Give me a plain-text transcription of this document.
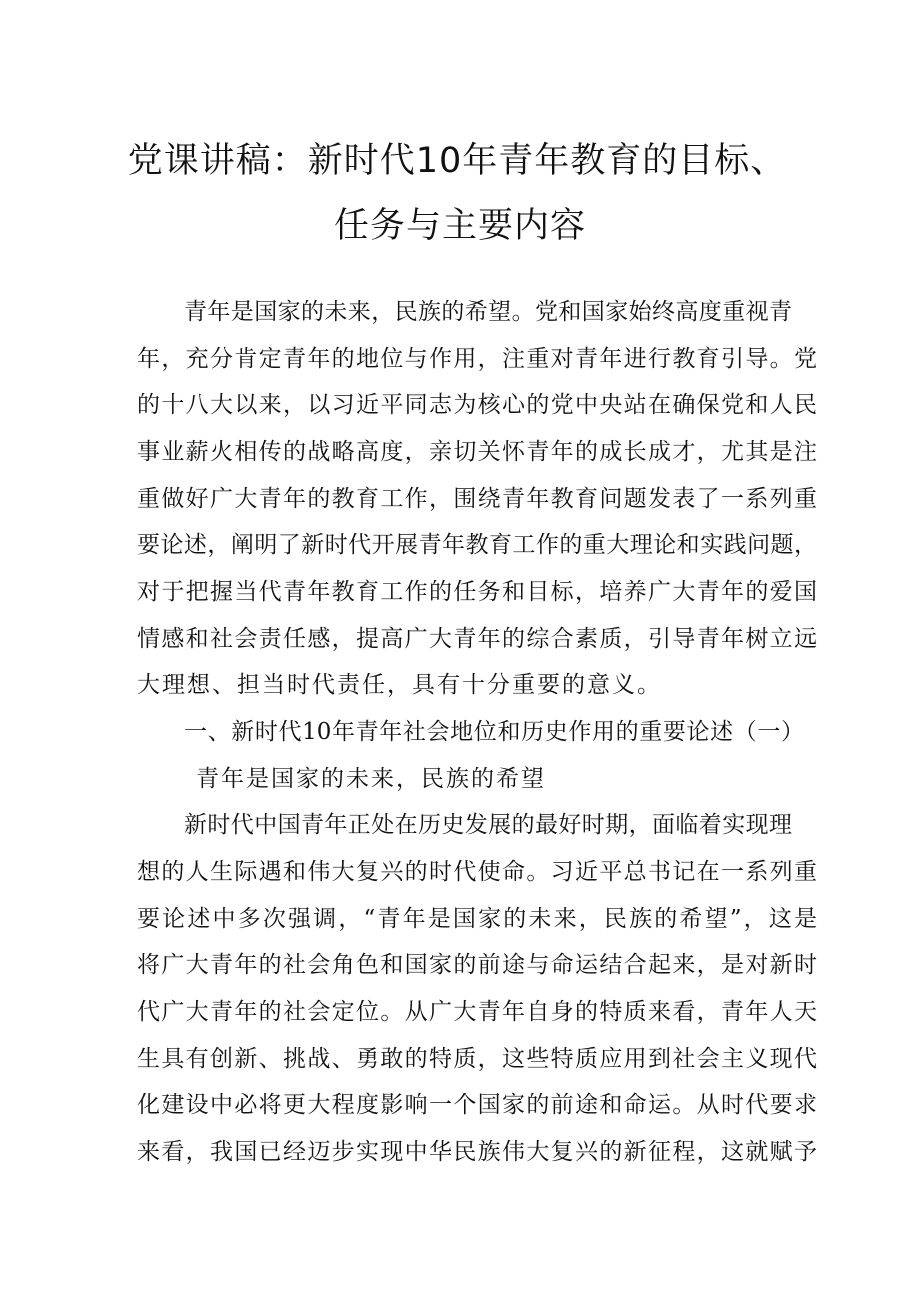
党课讲稿：新时代10年青年教育的目标、
任务与主要内容
青年是国家的未来，民族的希望。党和国家始终高度重视青
年，充分肯定青年的地位与作用，注重对青年进行教育引导。党
的十八大以来，以习近平同志为核心的党中央站在确保党和人民
事业薪火相传的战略高度，亲切关怀青年的成长成才，尤其是注
重做好广大青年的教育工作，围绕青年教育问题发表了一系列重
要论述，阐明了新时代开展青年教育工作的重大理论和实践问题，
对于把握当代青年教育工作的任务和目标，培养广大青年的爱国
情感和社会责任感，提高广大青年的综合素质，引导青年树立远
大理想、担当时代责任，具有十分重要的意义。
一、新时代10年青年社会地位和历史作用的重要论述（一）
青年是国家的未来，民族的希望
新时代中国青年正处在历史发展的最好时期，面临着实现理
想的人生际遇和伟大复兴的时代使命。习近平总书记在一系列重
要论述中多次强调，“青年是国家的未来，民族的希望”，这是
将广大青年的社会角色和国家的前途与命运结合起来，是对新时
代广大青年的社会定位。从广大青年自身的特质来看，青年人天
生具有创新、挑战、勇敢的特质，这些特质应用到社会主义现代
化建设中必将更大程度影响一个国家的前途和命运。从时代要求
来看，我国已经迈步实现中华民族伟大复兴的新征程，这就赋予
